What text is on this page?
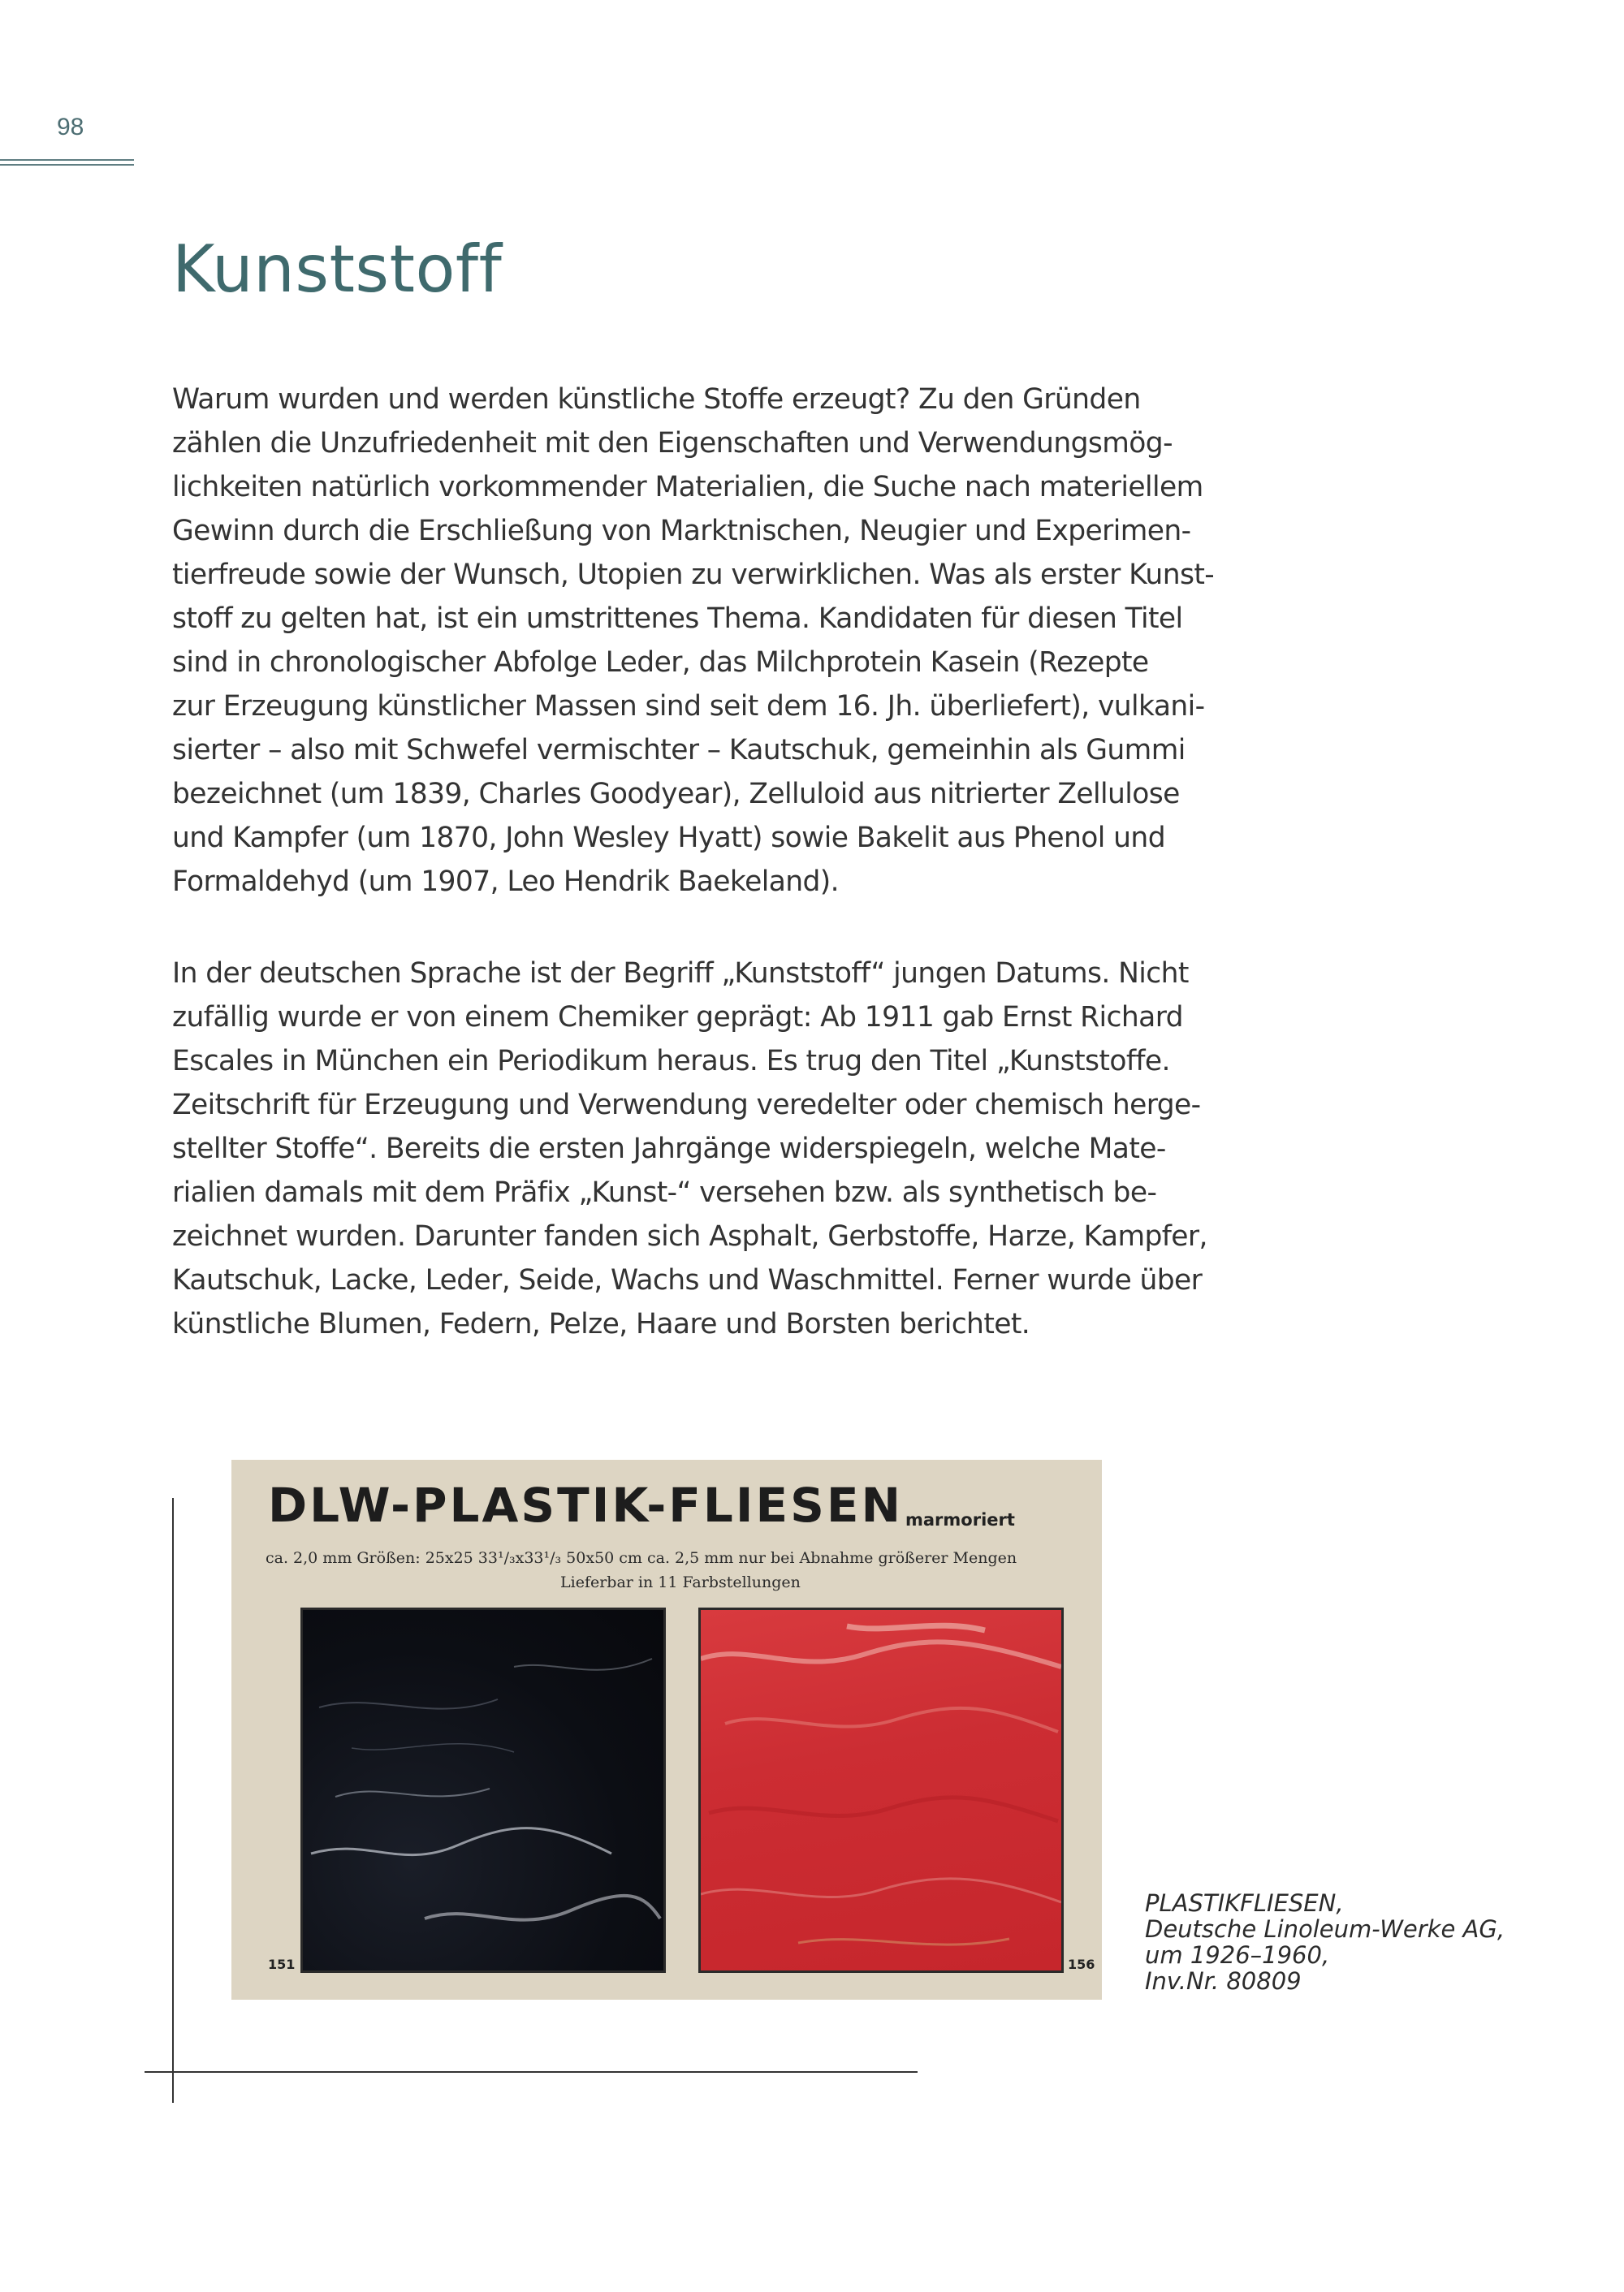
98
Kunststoff

Warum wurden und werden künstliche Stoffe erzeugt? Zu den Gründen
zählen die Unzufriedenheit mit den Eigenschaften und Verwendungsmög-
lichkeiten natürlich vorkommender Materialien, die Suche nach materiellem
Gewinn durch die Erschließung von Marktnischen, Neugier und Experimen-
tierfreude sowie der Wunsch, Utopien zu verwirklichen. Was als erster Kunst-
stoff zu gelten hat, ist ein umstrittenes Thema. Kandidaten für diesen Titel
sind in chronologischer Abfolge Leder, das Milchprotein Kasein (Rezepte
zur Erzeugung künstlicher Massen sind seit dem 16. Jh. überliefert), vulkani-
sierter – also mit Schwefel vermischter – Kautschuk, gemeinhin als Gummi
bezeichnet (um 1839, Charles Goodyear), Zelluloid aus nitrierter Zellulose
und Kampfer (um 1870, John Wesley Hyatt) sowie Bakelit aus Phenol und
Formaldehyd (um 1907, Leo Hendrik Baekeland).

In der deutschen Sprache ist der Begriff „Kunststoff“ jungen Datums. Nicht
zufällig wurde er von einem Chemiker geprägt: Ab 1911 gab Ernst Richard
Escales in München ein Periodikum heraus. Es trug den Titel „Kunststoffe.
Zeitschrift für Erzeugung und Verwendung veredelter oder chemisch herge-
stellter Stoffe“. Bereits die ersten Jahrgänge widerspiegeln, welche Mate-
rialien damals mit dem Präfix „Kunst-“ versehen bzw. als synthetisch be-
zeichnet wurden. Darunter fanden sich Asphalt, Gerbstoffe, Harze, Kampfer,
Kautschuk, Lacke, Leder, Seide, Wachs und Waschmittel. Ferner wurde über
künstliche Blumen, Federn, Pelze, Haare und Borsten berichtet.

DLW-PLASTIK-FLIESEN marmoriert
ca. 2,0 mm Größen: 25x25 33¹/₃x33¹/₃ 50x50 cm ca. 2,5 mm nur bei Abnahme größerer Mengen
Lieferbar in 11 Farbstellungen
151	156
PLASTIKFLIESEN,
Deutsche Linoleum-Werke AG,
um 1926–1960,
Inv.Nr. 80809
